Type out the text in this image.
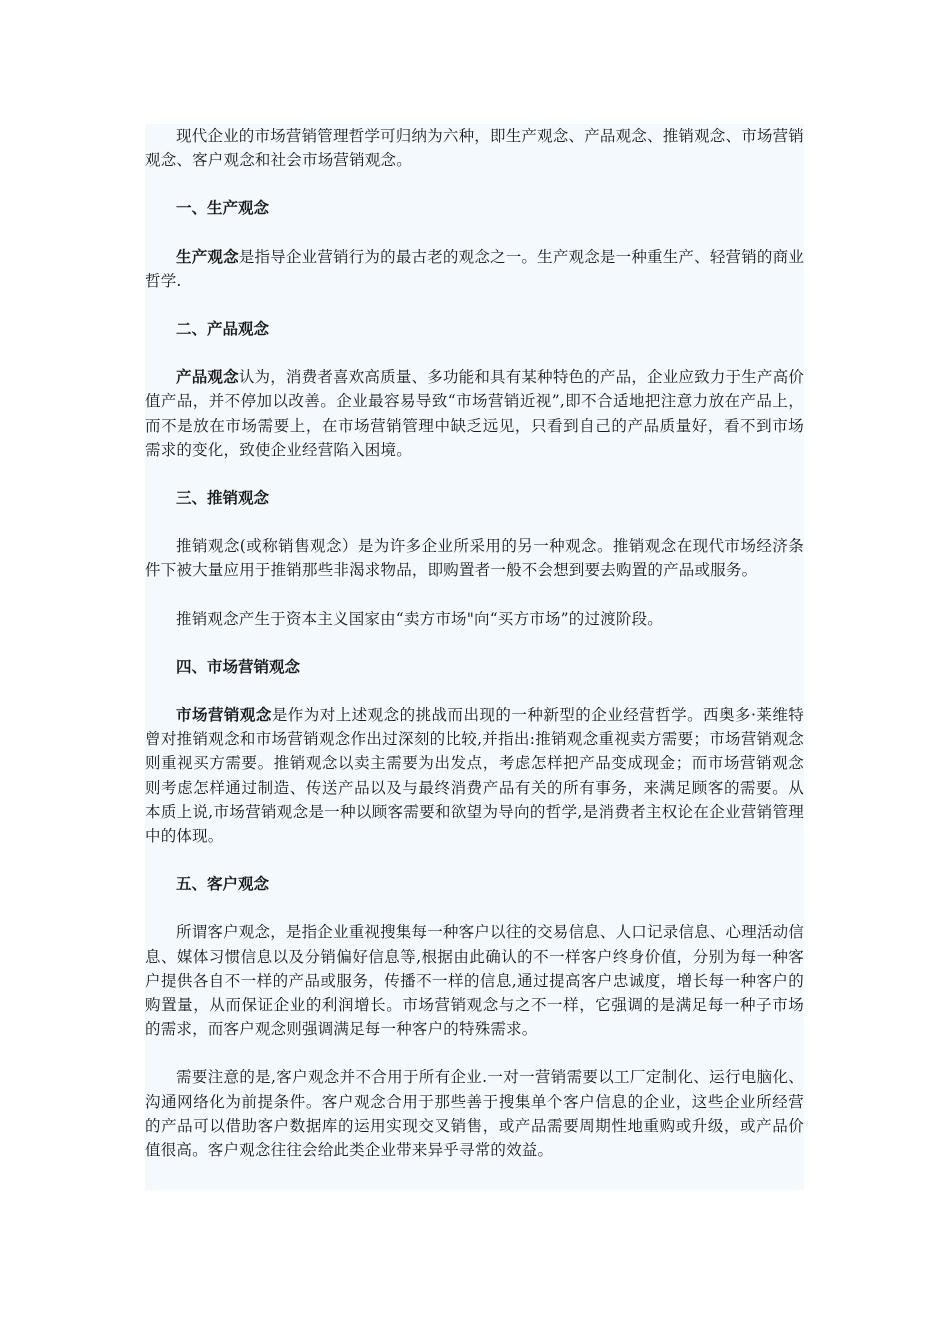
现代企业的市场营销管理哲学可归纳为六种，即生产观念、产品观念、推销观念、市场营销观念、客户观念和社会市场营销观念。

一、生产观念

生产观念是指导企业营销行为的最古老的观念之一。生产观念是一种重生产、轻营销的商业哲学.

二、产品观念

产品观念认为，消费者喜欢高质量、多功能和具有某种特色的产品，企业应致力于生产高价值产品，并不停加以改善。企业最容易导致“市场营销近视”,即不合适地把注意力放在产品上，而不是放在市场需要上，在市场营销管理中缺乏远见，只看到自己的产品质量好，看不到市场需求的变化，致使企业经营陷入困境。

三、推销观念

推销观念(或称销售观念）是为许多企业所采用的另一种观念。推销观念在现代市场经济条件下被大量应用于推销那些非渴求物品，即购置者一般不会想到要去购置的产品或服务。

推销观念产生于资本主义国家由“卖方市场"向“买方市场”的过渡阶段。

四、市场营销观念

市场营销观念是作为对上述观念的挑战而出现的一种新型的企业经营哲学。西奥多·莱维特曾对推销观念和市场营销观念作出过深刻的比较,并指出:推销观念重视卖方需要；市场营销观念则重视买方需要。推销观念以卖主需要为出发点，考虑怎样把产品变成现金；而市场营销观念则考虑怎样通过制造、传送产品以及与最终消费产品有关的所有事务，来满足顾客的需要。从本质上说,市场营销观念是一种以顾客需要和欲望为导向的哲学,是消费者主权论在企业营销管理中的体现。

五、客户观念

所谓客户观念，是指企业重视搜集每一种客户以往的交易信息、人口记录信息、心理活动信息、媒体习惯信息以及分销偏好信息等,根据由此确认的不一样客户终身价值，分别为每一种客户提供各自不一样的产品或服务，传播不一样的信息,通过提高客户忠诚度，增长每一种客户的购置量，从而保证企业的利润增长。市场营销观念与之不一样，它强调的是满足每一种子市场的需求，而客户观念则强调满足每一种客户的特殊需求。

需要注意的是,客户观念并不合用于所有企业.一对一营销需要以工厂定制化、运行电脑化、沟通网络化为前提条件。客户观念合用于那些善于搜集单个客户信息的企业，这些企业所经营的产品可以借助客户数据库的运用实现交叉销售，或产品需要周期性地重购或升级，或产品价值很高。客户观念往往会给此类企业带来异乎寻常的效益。
